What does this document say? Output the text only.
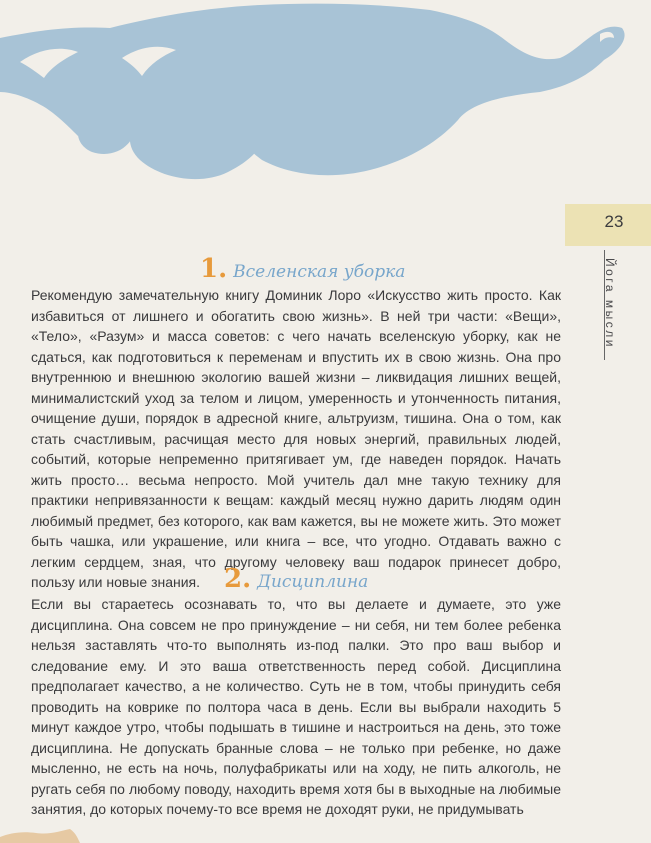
23
Йога мысли
1. Вселенская уборка
Рекомендую замечательную книгу Доминик Лоро «Искусство жить просто. Как избавиться от лишнего и обогатить свою жизнь». В ней три части: «Вещи», «Тело», «Разум» и масса советов: с чего начать вселенскую уборку, как не сдаться, как подготовиться к переменам и впустить их в свою жизнь. Она про внутреннюю и внешнюю экологию вашей жизни – ликвидация лишних вещей, минималистский уход за телом и лицом, умеренность и утонченность питания, очищение души, порядок в адресной книге, альтруизм, тишина. Она о том, как стать счастливым, расчищая место для новых энергий, правильных людей, событий, которые непременно притягивает ум, где наведен порядок. Начать жить просто… весьма непросто. Мой учитель дал мне такую технику для практики непривязанности к вещам: каждый месяц нужно дарить людям один любимый предмет, без которого, как вам кажется, вы не можете жить. Это может быть чашка, или украшение, или книга – все, что угодно. Отдавать важно с легким сердцем, зная, что другому человеку ваш подарок принесет добро, пользу или новые знания. 2. Дисциплина
Если вы стараетесь осознавать то, что вы делаете и думаете, это уже дисциплина. Она совсем не про принуждение – ни себя, ни тем более ребенка нельзя заставлять что-то выполнять из-под палки. Это про ваш выбор и следование ему. И это ваша ответственность перед собой. Дисциплина предполагает качество, а не количество. Суть не в том, чтобы принудить себя проводить на коврике по полтора часа в день. Если вы выбрали находить 5 минут каждое утро, чтобы подышать в тишине и настроиться на день, это тоже дисциплина. Не допускать бранные слова – не только при ребенке, но даже мысленно, не есть на ночь, полуфабрикаты или на ходу, не пить алкоголь, не ругать себя по любому поводу, находить время хотя бы в выходные на любимые занятия, до которых почему-то все время не доходят руки, не придумывать
